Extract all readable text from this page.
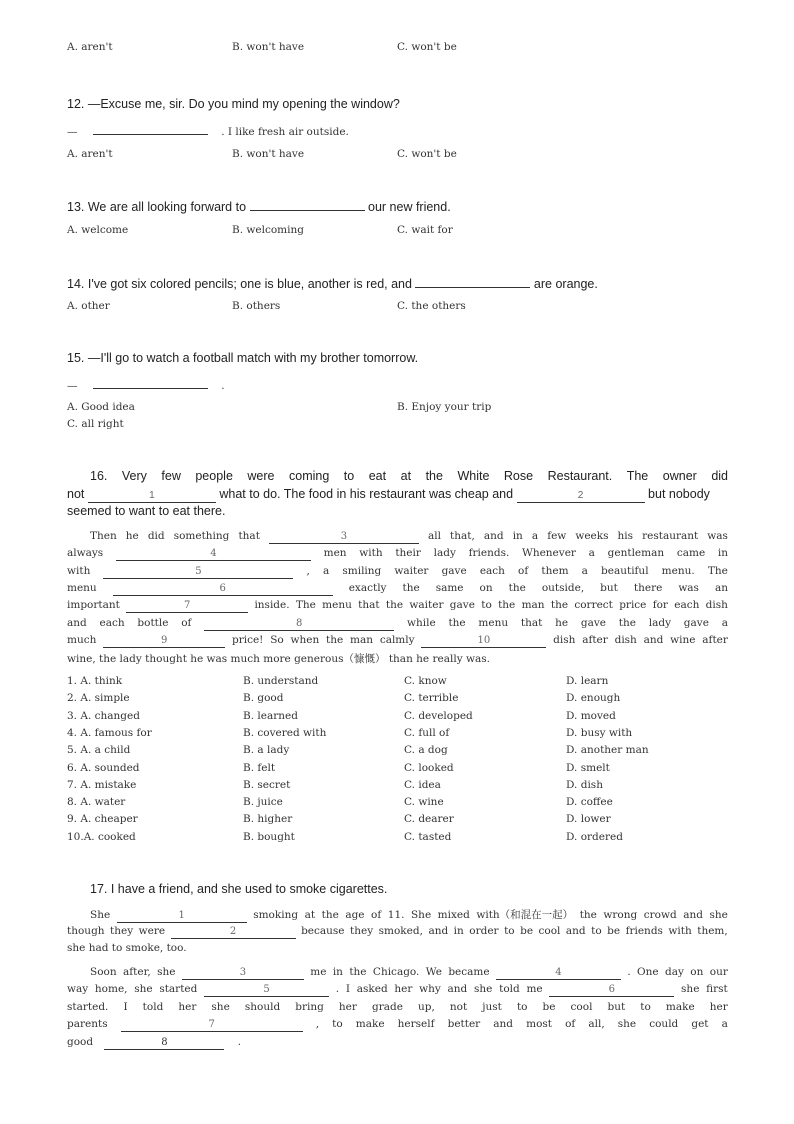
A. aren't	B. won't have	C. won't be
12. —Excuse me, sir. Do you mind my opening the window?
—	. I like fresh air outside.
A. aren't	B. won't have	C. won't be
13. We are all looking forward to	our new friend.
A. welcome	B. welcoming	C. wait for
14. I've got six colored pencils; one is blue, another is red, and	are orange.
A. other	B. others	C. the others
15. —I'll go to watch a football match with my brother tomorrow.
—	.
A. Good idea	B. Enjoy your trip
C. all right
16. Very few people were coming to eat at the White Rose Restaurant. The owner did
not	1	what to do. The food in his restaurant was cheap and	2	but nobody
seemed to want to eat there.
Then he did something that	3	all that, and in a few weeks his restaurant was
always	4	men with their lady friends. Whenever a gentleman came in
with	5	, a smiling waiter gave each of them a beautiful menu. The
menu	6	exactly the same on the outside, but there was an
important	7	inside. The menu that the waiter gave to the man the correct price for each dish
and each bottle of	8	while the menu that he gave the lady gave a
much	9	price! So when the man calmly	10	dish after dish and wine after
wine, the lady thought he was much more generous（慷慨） than he really was.
1. A. think	B. understand	C. know	D. learn
2. A. simple	B. good	C. terrible	D. enough
3. A. changed	B. learned	C. developed	D. moved
4. A. famous for	B. covered with	C. full of	D. busy with
5. A. a child	B. a lady	C. a dog	D. another man
6. A. sounded	B. felt	C. looked	D. smelt
7. A. mistake	B. secret	C. idea	D. dish
8. A. water	B. juice	C. wine	D. coffee
9. A. cheaper	B. higher	C. dearer	D. lower
10.A. cooked	B. bought	C. tasted	D. ordered
17. I have a friend, and she used to smoke cigarettes.
She	1	smoking at the age of 11. She mixed with（和混在一起） the wrong crowd and she
though they were	2	because they smoked, and in order to be cool and to be friends with them,
she had to smoke, too.
Soon after, she	3	me in the Chicago. We became	4	. One day on our
way home, she started	5	. I asked her why and she told me	6	she first
started. I told her she should bring her grade up, not just to be cool but to make her
parents	7	, to make herself better and most of all, she could get a
good	8	.
